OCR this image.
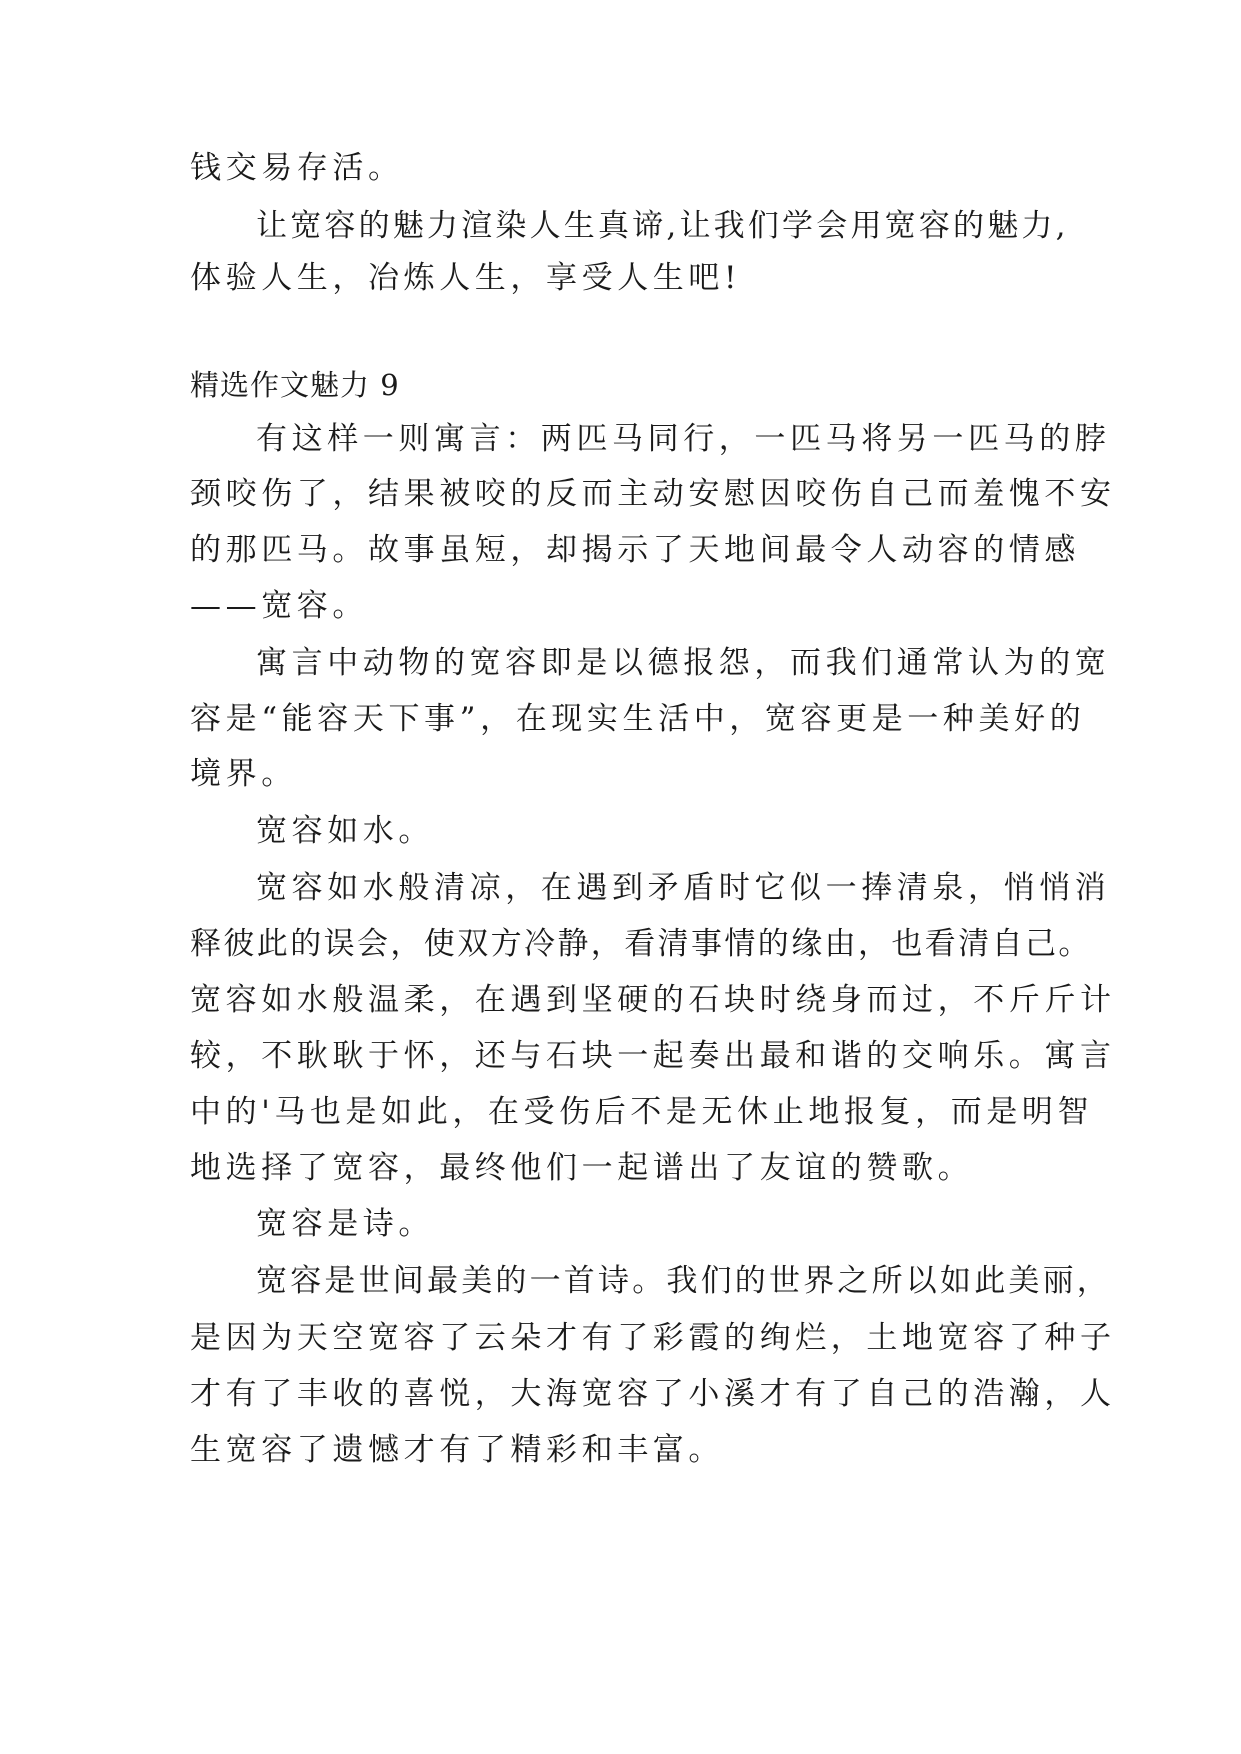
钱交易存活。
让宽容的魅力渲染人生真谛,让我们学会用宽容的魅力,
体验人生，冶炼人生，享受人生吧!
精选作文魅力 9
有这样一则寓言：两匹马同行，一匹马将另一匹马的脖
颈咬伤了，结果被咬的反而主动安慰因咬伤自己而羞愧不安
的那匹马。故事虽短，却揭示了天地间最令人动容的情感
——宽容。
寓言中动物的宽容即是以德报怨，而我们通常认为的宽
容是“能容天下事”，在现实生活中，宽容更是一种美好的
境界。
宽容如水。
宽容如水般清凉，在遇到矛盾时它似一捧清泉，悄悄消
释彼此的误会，使双方冷静，看清事情的缘由，也看清自己。
宽容如水般温柔，在遇到坚硬的石块时绕身而过，不斤斤计
较，不耿耿于怀，还与石块一起奏出最和谐的交响乐。寓言
中的'马也是如此，在受伤后不是无休止地报复，而是明智
地选择了宽容，最终他们一起谱出了友谊的赞歌。
宽容是诗。
宽容是世间最美的一首诗。我们的世界之所以如此美丽，
是因为天空宽容了云朵才有了彩霞的绚烂，土地宽容了种子
才有了丰收的喜悦，大海宽容了小溪才有了自己的浩瀚，人
生宽容了遗憾才有了精彩和丰富。
